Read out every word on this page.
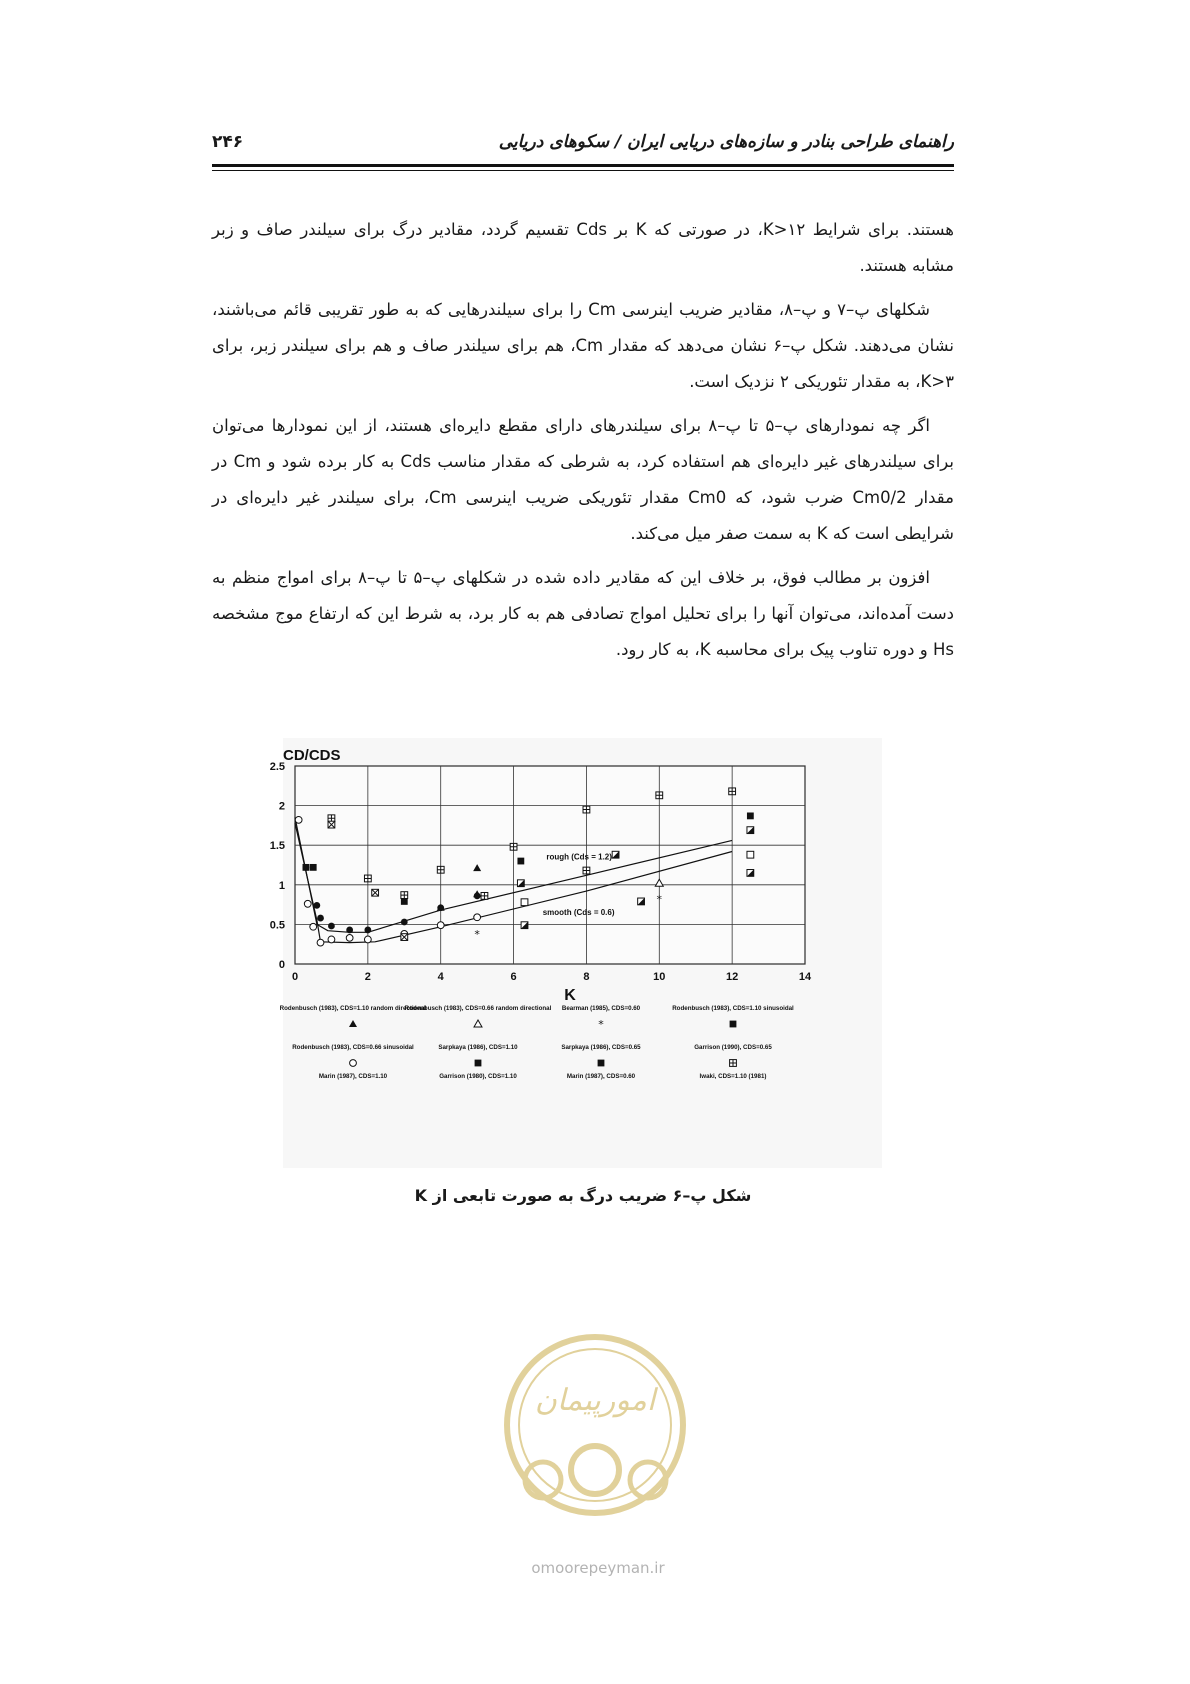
راهنمای طراحی بنادر و سازه‌های دریایی ایران / سکوهای دریایی
۲۴۶

هستند. برای شرایط K>۱۲، در صورتی که K بر Cds تقسیم گردد، مقادیر درگ برای سیلندر صاف و زبر مشابه هستند.

شکلهای پ–۷ و پ–۸، مقادیر ضریب اینرسی Cm را برای سیلندرهایی که به طور تقریبی قائم می‌باشند، نشان می‌دهند. شکل پ–۶ نشان می‌دهد که مقدار Cm، هم برای سیلندر صاف و هم برای سیلندر زبر، برای K>۳، به مقدار تئوریکی ۲ نزدیک است.

اگر چه نمودارهای پ–۵ تا پ–۸ برای سیلندرهای دارای مقطع دایره‌ای هستند، از این نمودارها می‌توان برای سیلندرهای غیر دایره‌ای هم استفاده کرد، به شرطی که مقدار مناسب Cds به کار برده شود و Cm در مقدار Cm0/2 ضرب شود، که Cm0 مقدار تئوریکی ضریب اینرسی Cm، برای سیلندر غیر دایره‌ای در شرایطی است که K به سمت صفر میل می‌کند.

افزون بر مطالب فوق، بر خلاف این که مقادیر داده شده در شکلهای پ–۵ تا پ–۸ برای امواج منظم به دست آمده‌اند، می‌توان آنها را برای تحلیل امواج تصادفی هم به کار برد، به شرط این که ارتفاع موج مشخصه Hs و دوره تناوب پیک برای محاسبه K، به کار رود.

0	2	4	6	8	10	12	14
0
0.5
1
1.5
2
2.5
CD/CDS
K
rough (Cds = 1.2)
smooth (Cds = 0.6)
*
*
Rodenbusch (1983), CDS=1.10 random directional
Rodenbusch (1983), CDS=0.66 random directional Bearman (1985), CDS=0.60
*
Rodenbusch (1983), CDS=1.10 sinusoidal
Rodenbusch (1983), CDS=0.66 sinusoidal	Sarpkaya (1986), CDS=1.10	Sarpkaya (1986), CDS=0.65	Garrison (1990), CDS=0.65
Marin (1987), CDS=1.10	Garrison (1980), CDS=1.10	Marin (1987), CDS=0.60	Iwaki, CDS=1.10 (1981)
شکل پ–۶ ضریب درگ به صورت تابعی از K
امورپیمان
omoorepeyman.ir
